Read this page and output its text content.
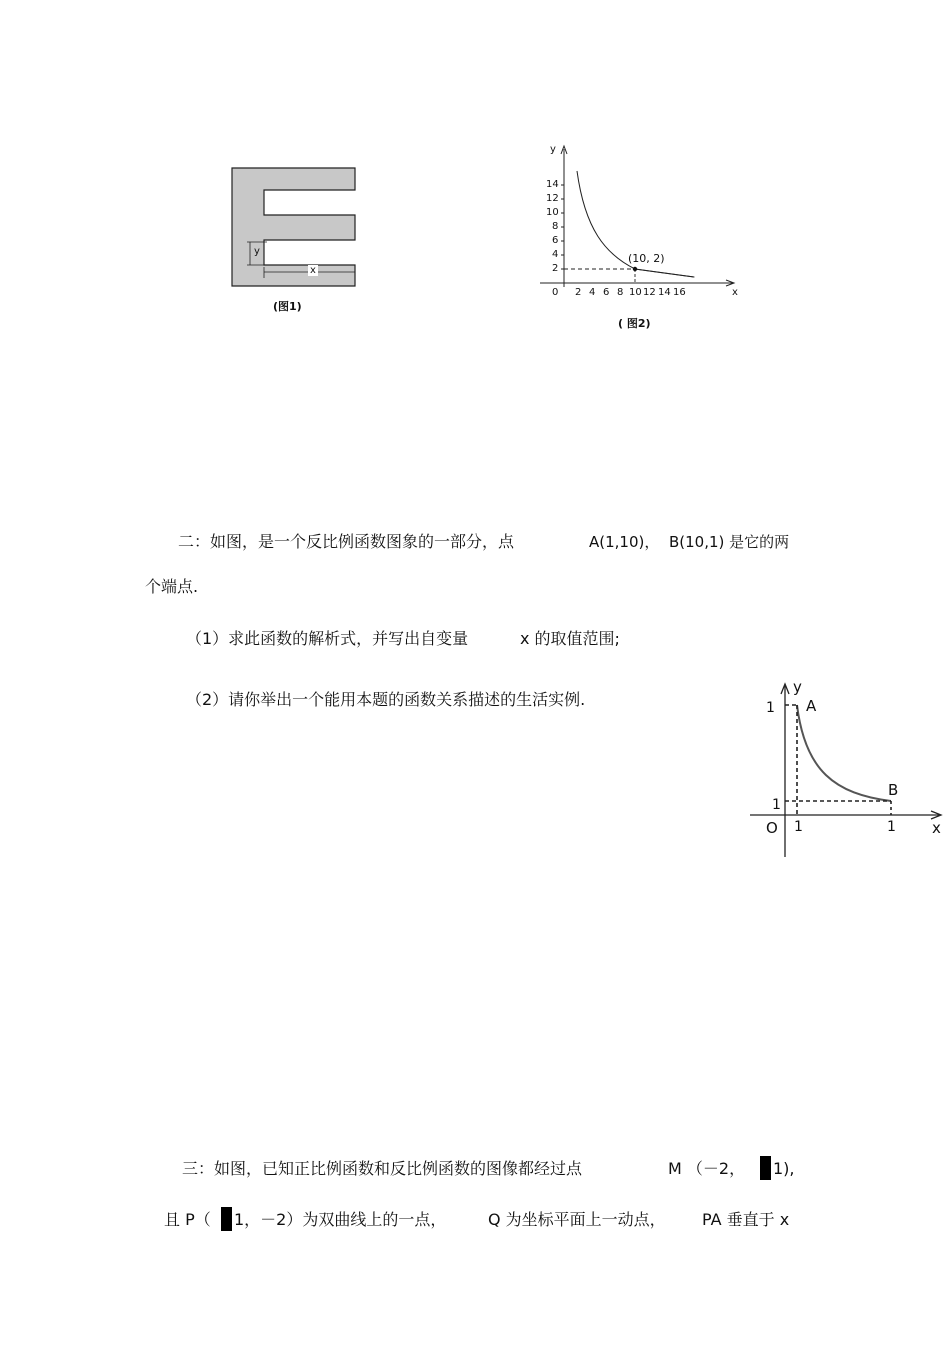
y
x
(图1)
y
x
0
14
12
10
8
6
4
2
2 4 6 8 10 12 14 16
(10, 2)
( 图2)
二：如图，是一个反比例函数图象的一部分，点	A(1,10)， B(10,1) 是它的两
个端点.
（1）求此函数的解析式，并写出自变量	x 的取值范围;
（2）请你举出一个能用本题的函数关系描述的生活实例.
y
x
O
1
1
1	1
A
B
三：如图，已知正比例函数和反比例函数的图像都经过点	M （－2， 1),
且 P（ 1，－2）为双曲线上的一点，	Q 为坐标平面上一动点， PA 垂直于 x
